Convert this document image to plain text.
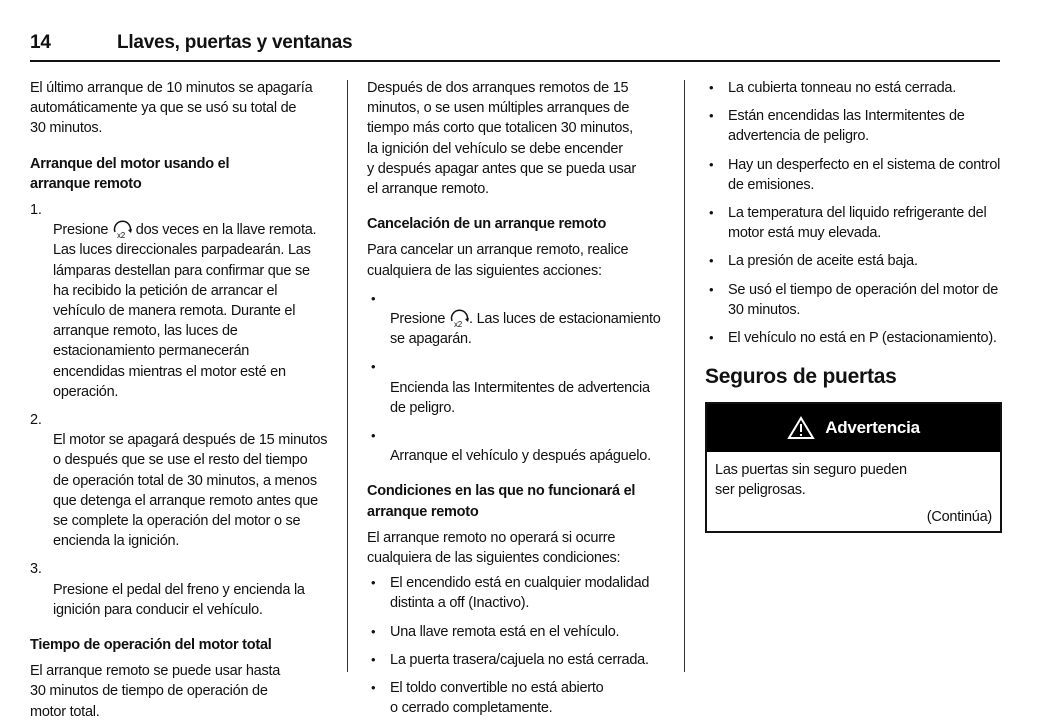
14	Llaves, puertas y ventanas

El último arranque de 10 minutos se apagaría
automáticamente ya que se usó su total de
30 minutos.

Arranque del motor usando el
arranque remoto

1.
Presione x2 dos veces en la llave remota.
Las luces direccionales parpadearán. Las
lámparas destellan para confirmar que se
ha recibido la petición de arrancar el
vehículo de manera remota. Durante el
arranque remoto, las luces de
estacionamiento permanecerán
encendidas mientras el motor esté en
operación.

2.
El motor se apagará después de 15 minutos
o después que se use el resto del tiempo
de operación total de 30 minutos, a menos
que detenga el arranque remoto antes que
se complete la operación del motor o se
encienda la ignición.

3.
Presione el pedal del freno y encienda la
ignición para conducir el vehículo.

Tiempo de operación del motor total

El arranque remoto se puede usar hasta
30 minutos de tiempo de operación de
motor total.

Después de dos arranques remotos de 15
minutos, o se usen múltiples arranques de
tiempo más corto que totalicen 30 minutos,
la ignición del vehículo se debe encender
y después apagar antes que se pueda usar
el arranque remoto.

Cancelación de un arranque remoto

Para cancelar un arranque remoto, realice
cualquiera de las siguientes acciones:

•
Presione x2 . Las luces de estacionamiento
se apagarán.

•
Encienda las Intermitentes de advertencia
de peligro.

•
Arranque el vehículo y después apáguelo.

Condiciones en las que no funcionará el
arranque remoto

El arranque remoto no operará si ocurre
cualquiera de las siguientes condiciones:

• El encendido está en cualquier modalidad
distinta a off (Inactivo).
• Una llave remota está en el vehículo.
• La puerta trasera/cajuela no está cerrada.
• El toldo convertible no está abierto
o cerrado completamente.
• La cubierta tonneau no está cerrada.
• Están encendidas las Intermitentes de
advertencia de peligro.
• Hay un desperfecto en el sistema de control
de emisiones.
• La temperatura del liquido refrigerante del
motor está muy elevada.
• La presión de aceite está baja.
• Se usó el tiempo de operación del motor de
30 minutos.
• El vehículo no está en P (estacionamiento).
Seguros de puertas
Advertencia

Las puertas sin seguro pueden
ser peligrosas.

(Continúa)
